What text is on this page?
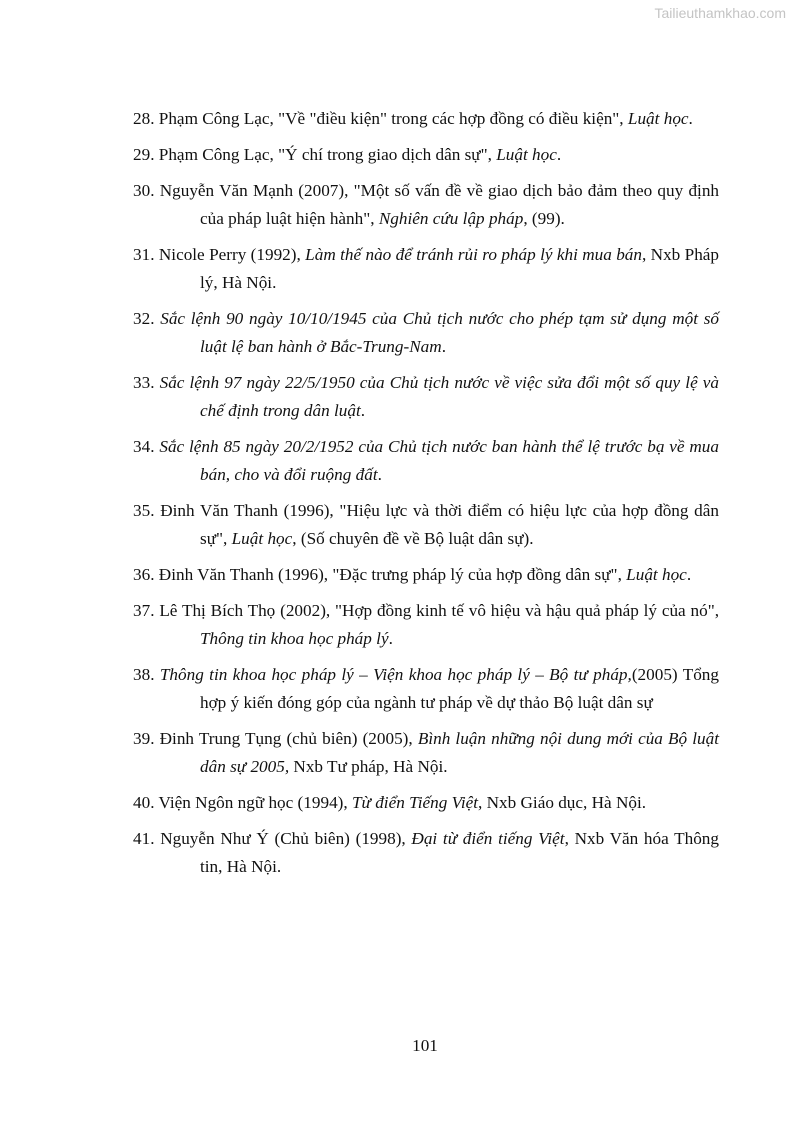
Tailieuthamkhao.com

28. Phạm Công Lạc, "Về "điều kiện" trong các hợp đồng có điều kiện", Luật học.

29. Phạm Công Lạc, "Ý chí trong giao dịch dân sự", Luật học.

30. Nguyễn Văn Mạnh (2007), "Một số vấn đề về giao dịch bảo đảm theo quy định của pháp luật hiện hành", Nghiên cứu lập pháp, (99).

31. Nicole Perry (1992), Làm thế nào để tránh rủi ro pháp lý khi mua bán, Nxb Pháp lý, Hà Nội.

32. Sắc lệnh 90 ngày 10/10/1945 của Chủ tịch nước cho phép tạm sử dụng một số luật lệ ban hành ở Bắc-Trung-Nam.

33. Sắc lệnh 97 ngày 22/5/1950 của Chủ tịch nước về việc sửa đổi một số quy lệ và chế định trong dân luật.

34. Sắc lệnh 85 ngày 20/2/1952 của Chủ tịch nước ban hành thể lệ trước bạ về mua bán, cho và đổi ruộng đất.

35. Đinh Văn Thanh (1996), "Hiệu lực và thời điểm có hiệu lực của hợp đồng dân sự", Luật học, (Số chuyên đề về Bộ luật dân sự).

36. Đinh Văn Thanh (1996), "Đặc trưng pháp lý của hợp đồng dân sự", Luật học.

37. Lê Thị Bích Thọ (2002), "Hợp đồng kinh tế vô hiệu và hậu quả pháp lý của nó", Thông tin khoa học pháp lý.

38. Thông tin khoa học pháp lý – Viện khoa học pháp lý – Bộ tư pháp,(2005) Tổng hợp ý kiến đóng góp của ngành tư pháp về dự thảo Bộ luật dân sự

39. Đinh Trung Tụng (chủ biên) (2005), Bình luận những nội dung mới của Bộ luật dân sự 2005, Nxb Tư pháp, Hà Nội.

40. Viện Ngôn ngữ học (1994), Từ điển Tiếng Việt, Nxb Giáo dục, Hà Nội.

41. Nguyễn Như Ý (Chủ biên) (1998), Đại từ điển tiếng Việt, Nxb Văn hóa Thông tin, Hà Nội.

101
